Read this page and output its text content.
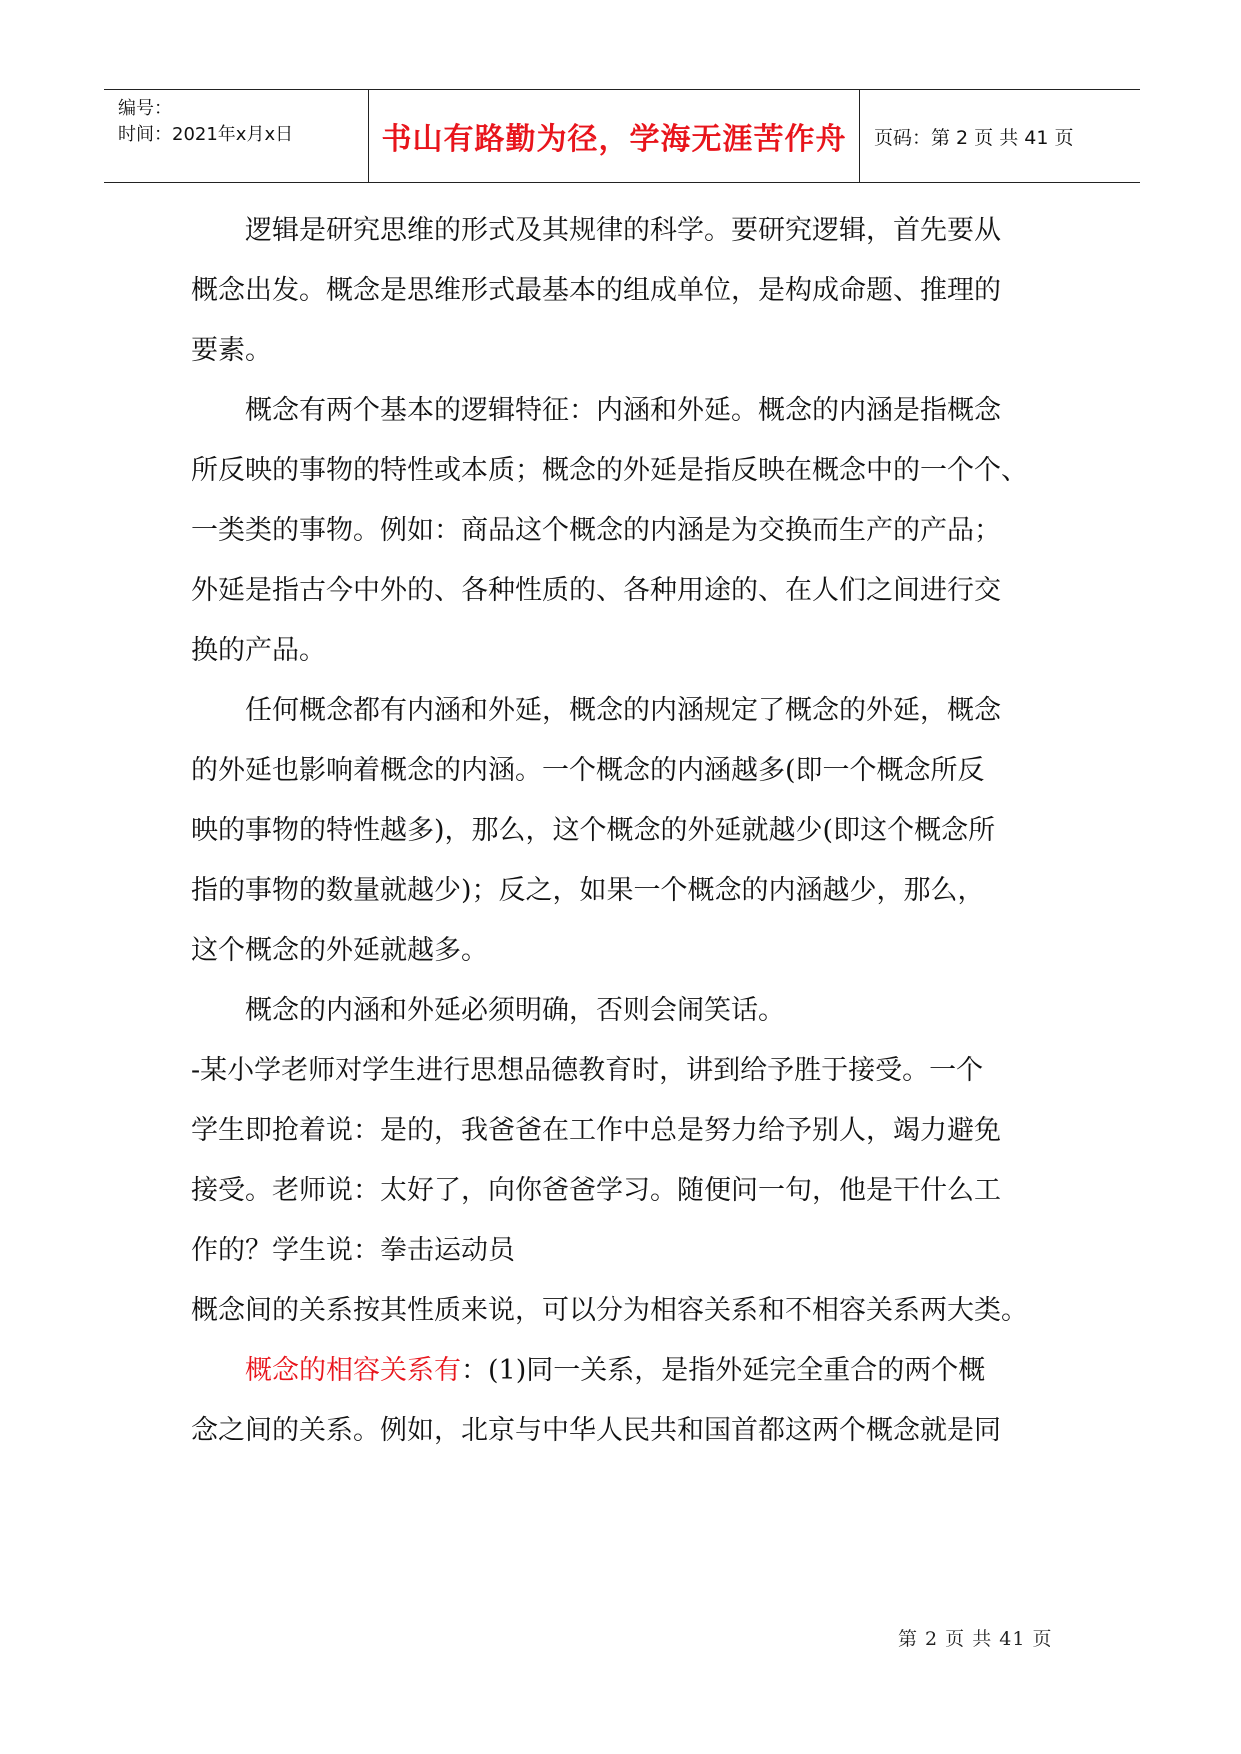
编号：
时间：2021年x月x日	书山有路勤为径，学海无涯苦作舟	页码：第 2 页 共 41 页
逻辑是研究思维的形式及其规律的科学。要研究逻辑，首先要从
概念出发。概念是思维形式最基本的组成单位，是构成命题、推理的
要素。
概念有两个基本的逻辑特征：内涵和外延。概念的内涵是指概念
所反映的事物的特性或本质；概念的外延是指反映在概念中的一个个、
一类类的事物。例如：商品这个概念的内涵是为交换而生产的产品；
外延是指古今中外的、各种性质的、各种用途的、在人们之间进行交
换的产品。
任何概念都有内涵和外延，概念的内涵规定了概念的外延，概念
的外延也影响着概念的内涵。一个概念的内涵越多(即一个概念所反
映的事物的特性越多)，那么，这个概念的外延就越少(即这个概念所
指的事物的数量就越少)；反之，如果一个概念的内涵越少，那么，
这个概念的外延就越多。
概念的内涵和外延必须明确，否则会闹笑话。
-某小学老师对学生进行思想品德教育时，讲到给予胜于接受。一个
学生即抢着说：是的，我爸爸在工作中总是努力给予别人，竭力避免
接受。老师说：太好了，向你爸爸学习。随便问一句，他是干什么工
作的？学生说：拳击运动员
概念间的关系按其性质来说，可以分为相容关系和不相容关系两大类。
概念的相容关系有：(1)同一关系，是指外延完全重合的两个概
念之间的关系。例如，北京与中华人民共和国首都这两个概念就是同
第 2 页 共 41 页
